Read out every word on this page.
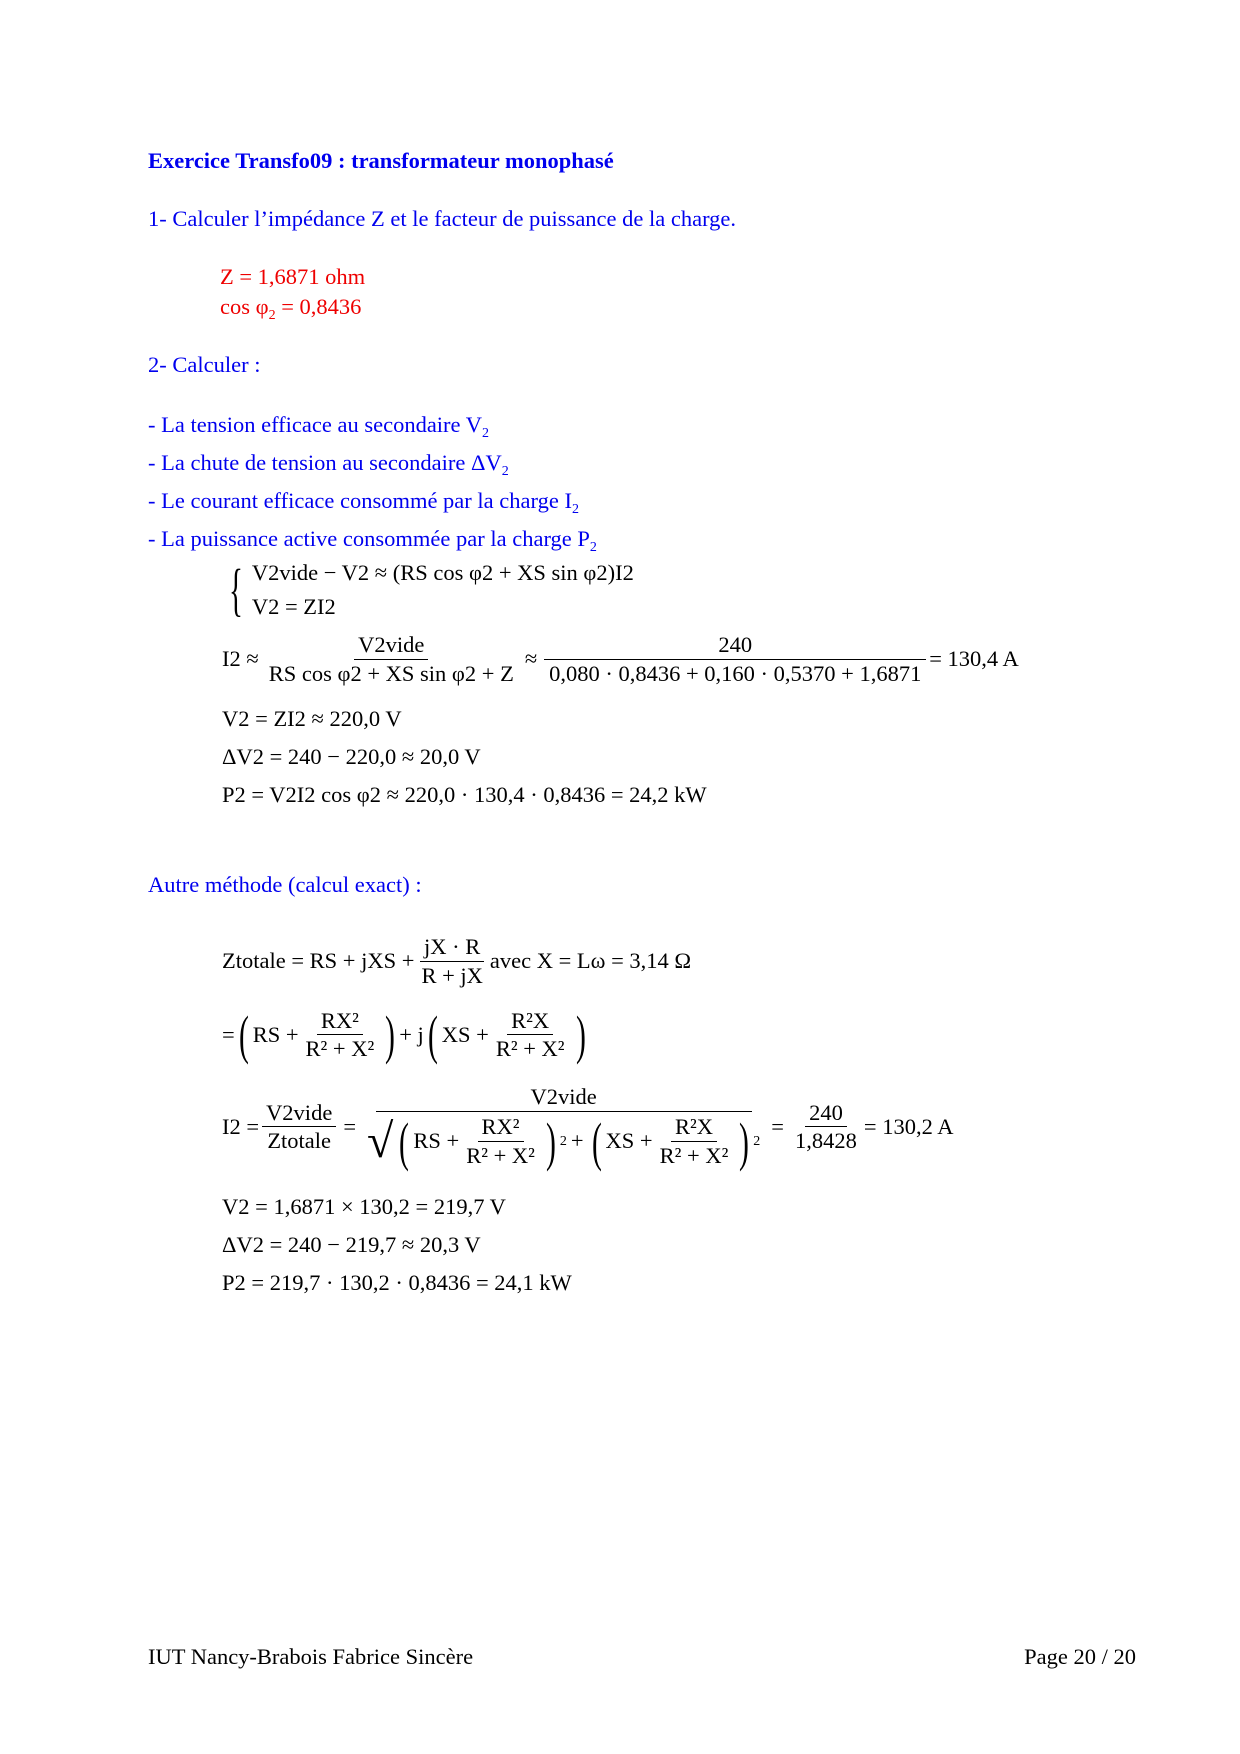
Exercice Transfo09 : transformateur monophasé
1- Calculer l’impédance Z et le facteur de puissance de la charge.
Z = 1,6871 ohm
$\cos \varphi_2 = 0,8436$
2- Calculer :
- La tension efficace au secondaire $V_2$
- La chute de tension au secondaire $\Delta V_2$
- Le courant efficace consommé par la charge $I_2$
- La puissance active consommée par la charge $P_2$
{ V2vide − V2 ≈ (RS cos φ2 + XS sin φ2)I2
V2 = ZI2
$I2 \approx \frac{\text{V2vide}}{\text{RS cos φ2 + XS sin φ2 + Z}} \approx \frac{240}{0,080 \cdot 0,8436 + 0,160 \cdot 0,5370 + 1,6871} = 130,4$ A
V2 = ZI2 ≈ 220,0 V
ΔV2 = 240 − 220,0 ≈ 20,0 V
P2 = V2I2 cos φ2 ≈ 220,0 · 130,4 · 0,8436 = 24,2 kW
Autre méthode (calcul exact) :
Ztotale = RS + jXS + $\frac{jX \cdot R}{R + jX}$ avec X = Lω = 3,14 Ω
= ( RS + $\frac{\text{RX²}}{\text{R² + X²}}$ ) + j ( XS + $\frac{\text{R²X}}{\text{R² + X²}}$ )
$I2 = \frac{\text{V2vide}}{\text{Ztotale}}$ =
V2vide
√ ( RS + $\frac{\text{RX²}}{\text{R² + X²}}$ ) 2 + ( XS + $\frac{\text{R²X}}{\text{R² + X²}}$ ) 2
= $\frac{240}{1,8428} = 130,2$ A
V2 = 1,6871 × 130,2 = 219,7 V
ΔV2 = 240 − 219,7 ≈ 20,3 V
P2 = 219,7 · 130,2 · 0,8436 = 24,1 kW
IUT Nancy-Brabois Fabrice Sincère	Page 20 / 20
